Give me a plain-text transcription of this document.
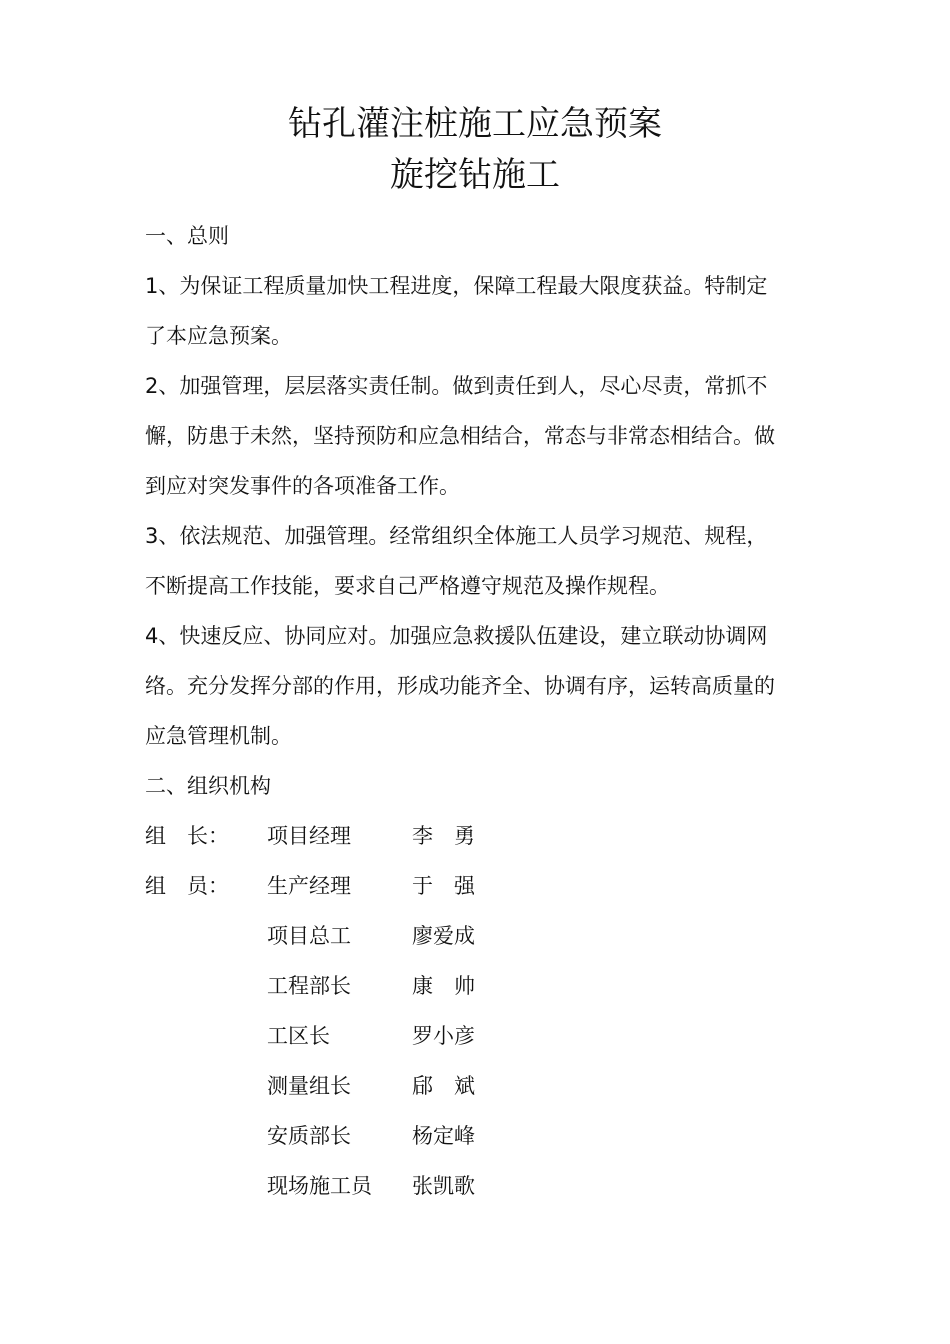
钻孔灌注桩施工应急预案
旋挖钻施工
一、总则
1、为保证工程质量加快工程进度，保障工程最大限度获益。特制定
了本应急预案。
2、加强管理，层层落实责任制。做到责任到人，尽心尽责，常抓不
懈，防患于未然，坚持预防和应急相结合，常态与非常态相结合。做
到应对突发事件的各项准备工作。
3、依法规范、加强管理。经常组织全体施工人员学习规范、规程，
不断提高工作技能，要求自己严格遵守规范及操作规程。
4、快速反应、协同应对。加强应急救援队伍建设，建立联动协调网
络。充分发挥分部的作用，形成功能齐全、协调有序，运转高质量的
应急管理机制。
二、组织机构
组　长： 项目经理	李　勇
组　员： 生产经理	于　强
项目总工	廖爱成
工程部长	康　帅
工区长	罗小彦
测量组长	郈　斌
安质部长	杨定峰
现场施工员 张凯歌
